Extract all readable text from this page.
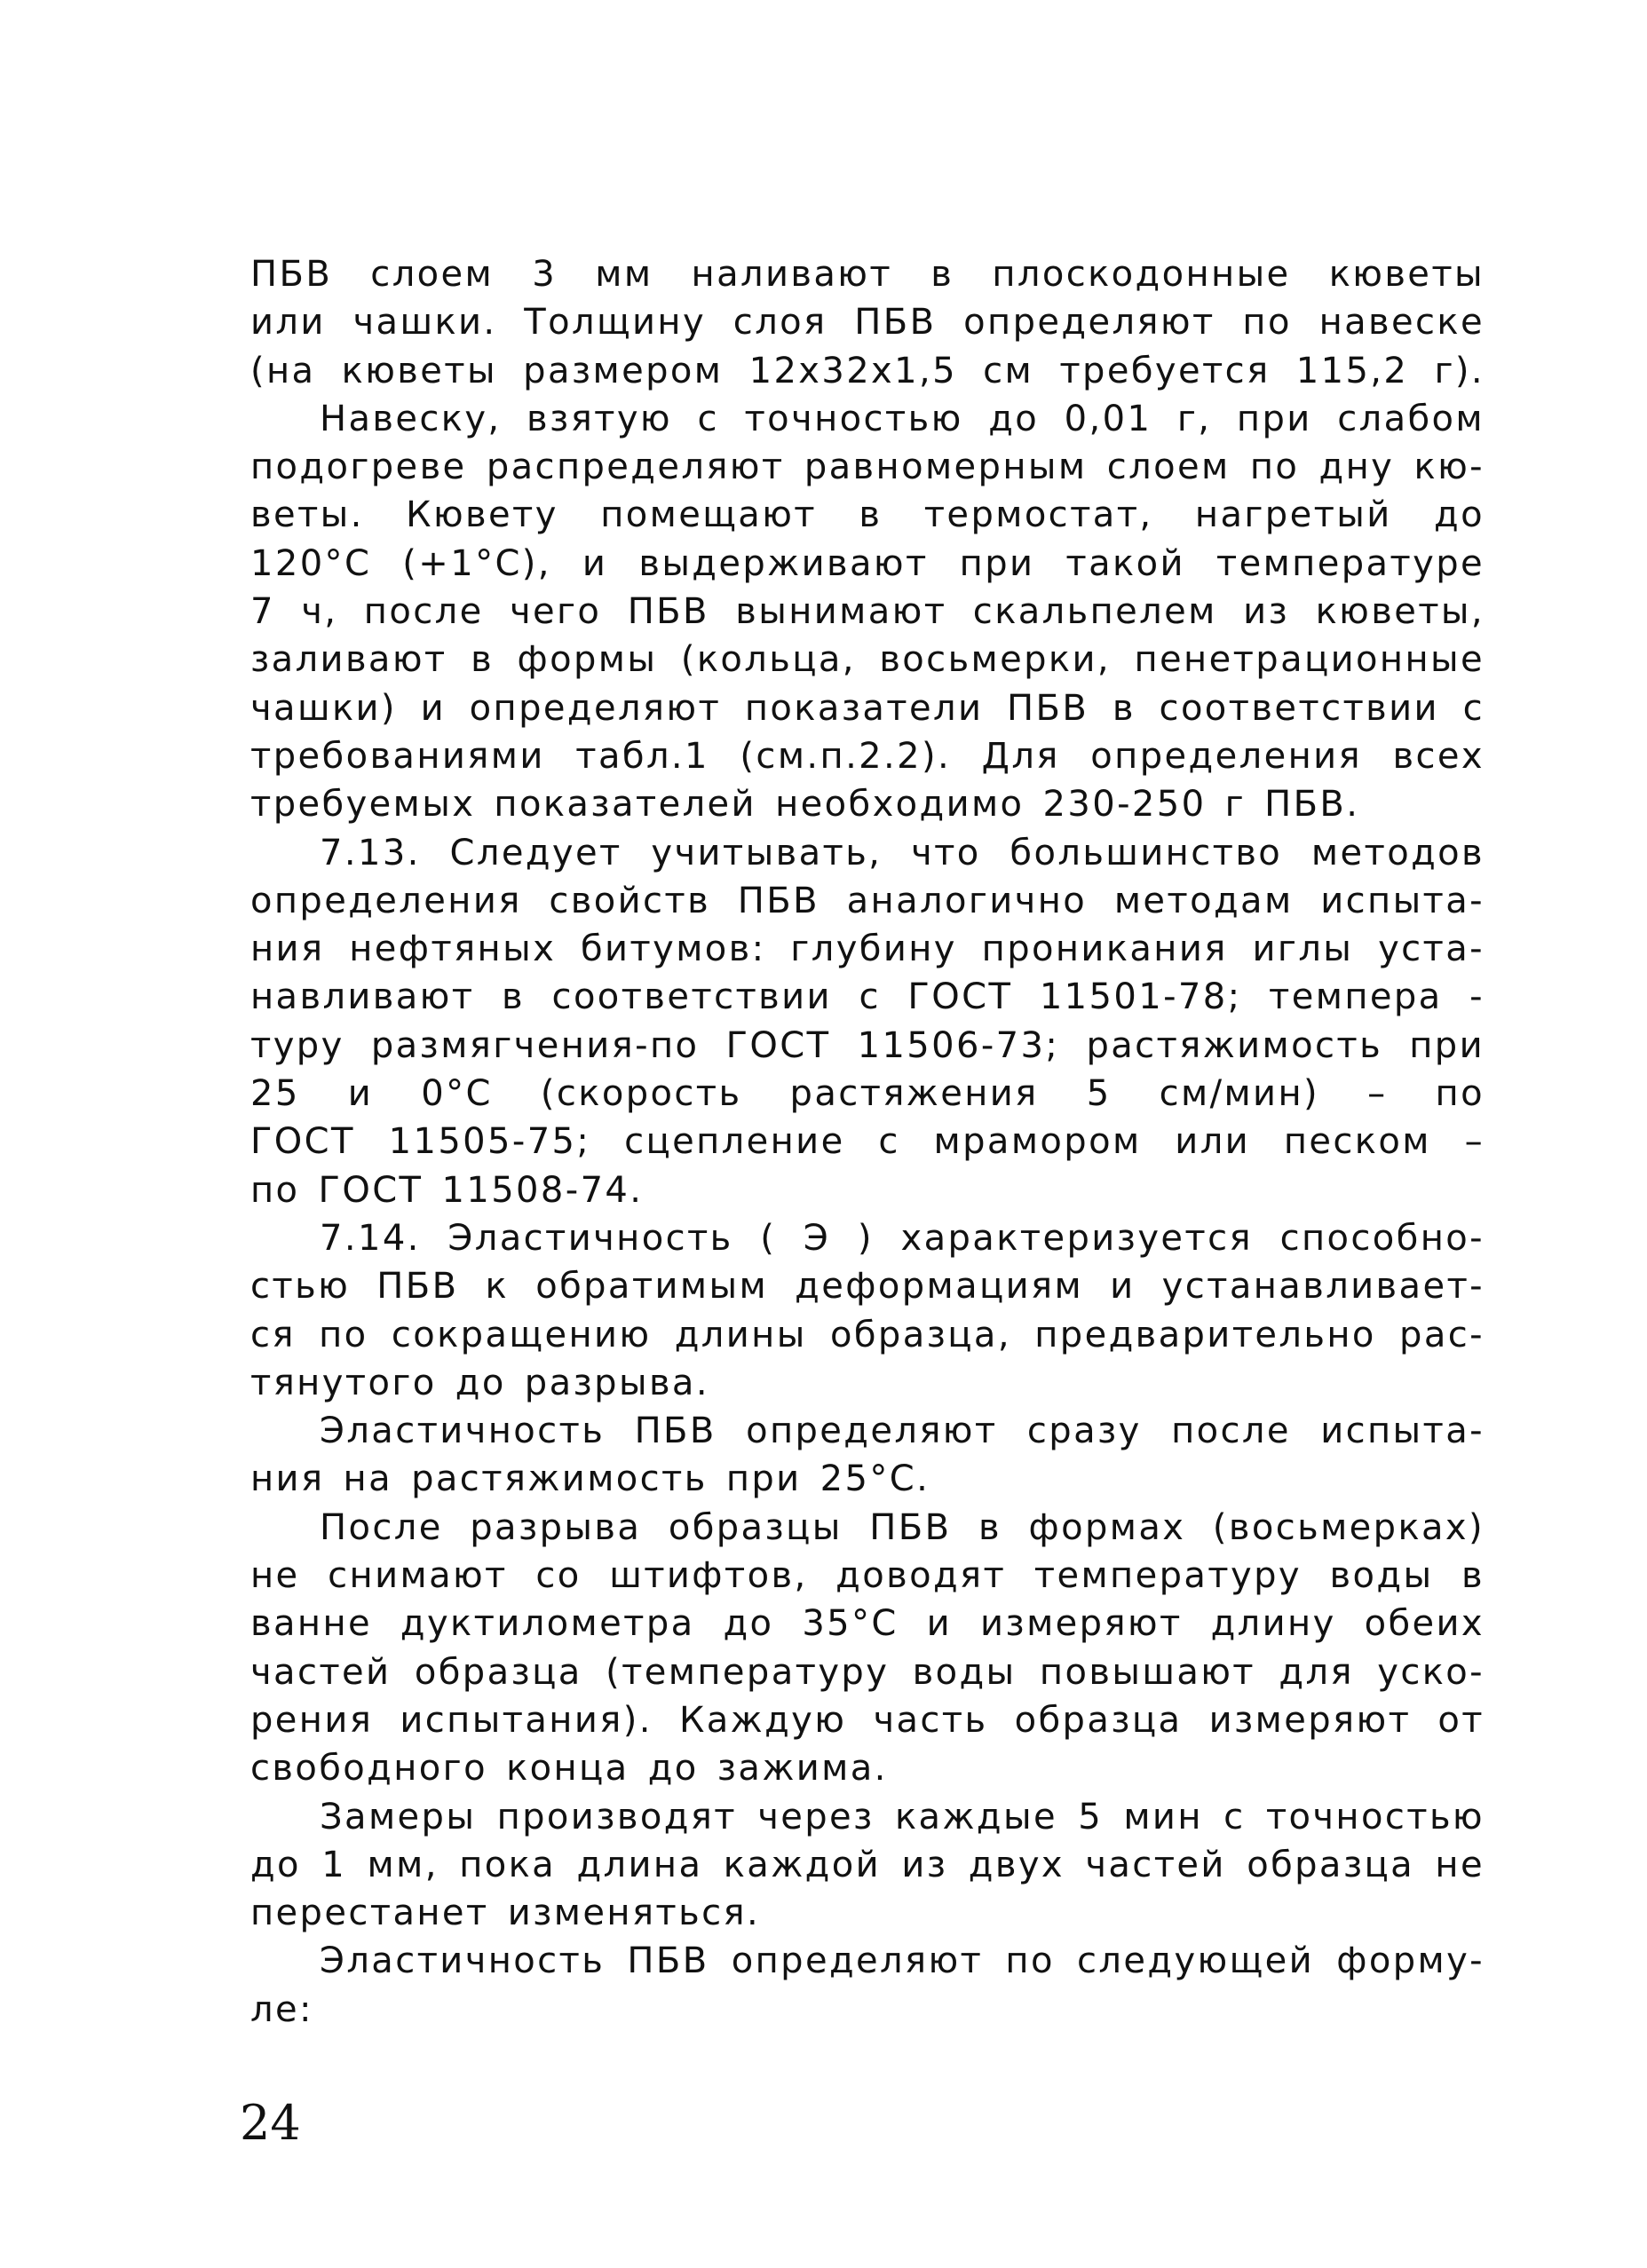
ПБВ слоем 3 мм наливают в плоскодонные кюветы
или чашки. Толщину слоя ПБВ определяют по навеске
(на кюветы размером 12х32х1,5 см требуется 115,2 г).
Навеску, взятую с точностью до 0,01 г, при слабом
подогреве распределяют равномерным слоем по дну кю-
веты. Кювету помещают в термостат, нагретый до
120°С (+1°С), и выдерживают при такой температуре
7 ч, после чего ПБВ вынимают скальпелем из кюветы,
заливают в формы (кольца, восьмерки, пенетрационные
чашки) и определяют показатели ПБВ в соответствии с
требованиями табл.1 (см.п.2.2). Для определения всех
требуемых показателей необходимо 230-250 г ПБВ.
7.13. Следует учитывать, что большинство методов
определения свойств ПБВ аналогично методам испыта-
ния нефтяных битумов: глубину проникания иглы уста-
навливают в соответствии с ГОСТ 11501-78; темпера -
туру размягчения-по ГОСТ 11506-73; растяжимость при
25 и 0°С (скорость растяжения 5 см/мин) – по
ГОСТ 11505-75; сцепление с мрамором или песком –
по ГОСТ 11508-74.
7.14. Эластичность ( Э ) характеризуется способно-
стью ПБВ к обратимым деформациям и устанавливает-
ся по сокращению длины образца, предварительно рас-
тянутого до разрыва.
Эластичность ПБВ определяют сразу после испыта-
ния на растяжимость при 25°С.
После разрыва образцы ПБВ в формах (восьмерках)
не снимают со штифтов, доводят температуру воды в
ванне дуктилометра до 35°С и измеряют длину обеих
частей образца (температуру воды повышают для уско-
рения испытания). Каждую часть образца измеряют от
свободного конца до зажима.
Замеры производят через каждые 5 мин с точностью
до 1 мм, пока длина каждой из двух частей образца не
перестанет изменяться.
Эластичность ПБВ определяют по следующей форму-
ле:
24
